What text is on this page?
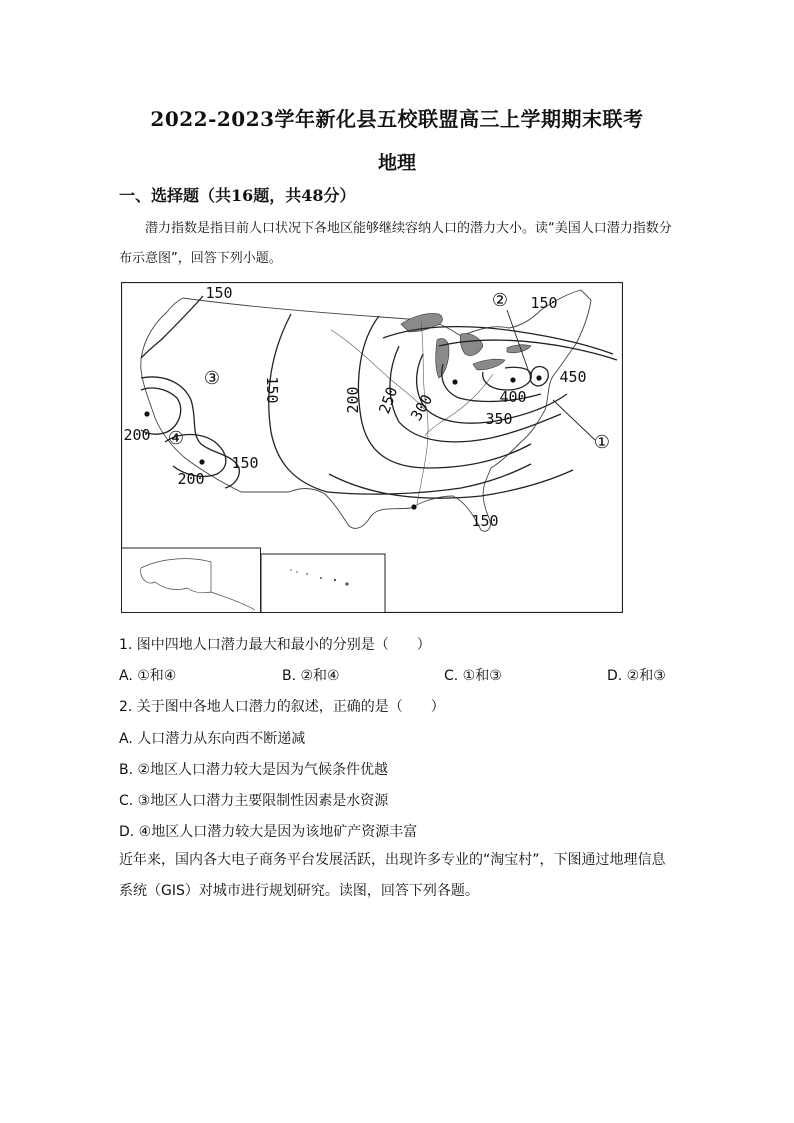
2022-2023学年新化县五校联盟高三上学期期末联考
地理
一、选择题（共16题，共48分）
潜力指数是指目前人口状况下各地区能够继续容纳人口的潜力大小。读“美国人口潜力指数分布示意图”，回答下列小题。
150
150
150	200 250 300	350
400
450
150
200
200
150
②
③
④	①
1. 图中四地人口潜力最大和最小的分别是（　　）
A. ①和④	B. ②和④	C. ①和③	D. ②和③
2. 关于图中各地人口潜力的叙述，正确的是（　　）
A. 人口潜力从东向西不断递减
B. ②地区人口潜力较大是因为气候条件优越
C. ③地区人口潜力主要限制性因素是水资源
D. ④地区人口潜力较大是因为该地矿产资源丰富
近年来，国内各大电子商务平台发展活跃，出现许多专业的“淘宝村”，下图通过地理信息系统（GIS）对城市进行规划研究。读图，回答下列各题。
